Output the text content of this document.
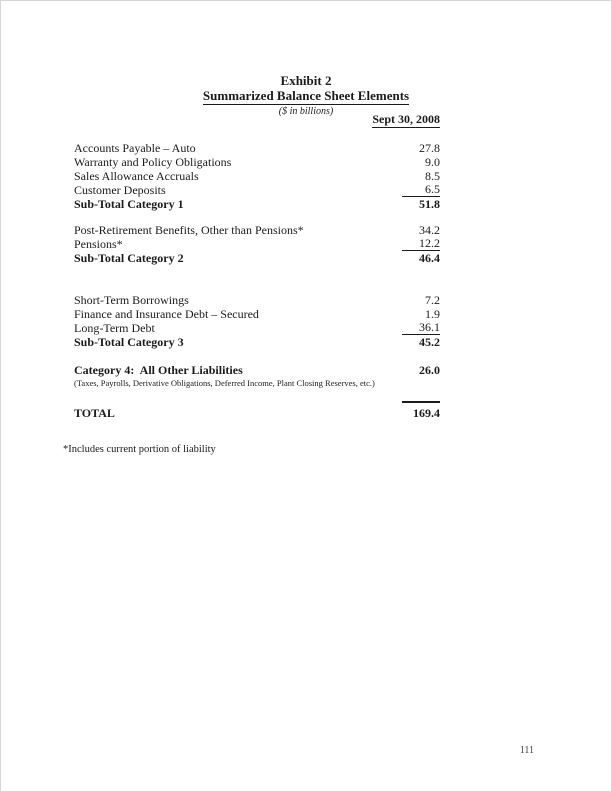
Exhibit 2
Summarized Balance Sheet Elements
($ in billions)
Sept 30, 2008
Accounts Payable – Auto	27.8
Warranty and Policy Obligations	9.0
Sales Allowance Accruals	8.5
Customer Deposits	6.5
Sub-Total Category 1	51.8
Post-Retirement Benefits, Other than Pensions*	34.2
Pensions*	12.2
Sub-Total Category 2	46.4
Short-Term Borrowings	7.2
Finance and Insurance Debt – Secured	1.9
Long-Term Debt	36.1
Sub-Total Category 3	45.2
Category 4:  All Other Liabilities	26.0
(Taxes, Payrolls, Derivative Obligations, Deferred Income, Plant Closing Reserves, etc.)
TOTAL	169.4
*Includes current portion of liability
111
